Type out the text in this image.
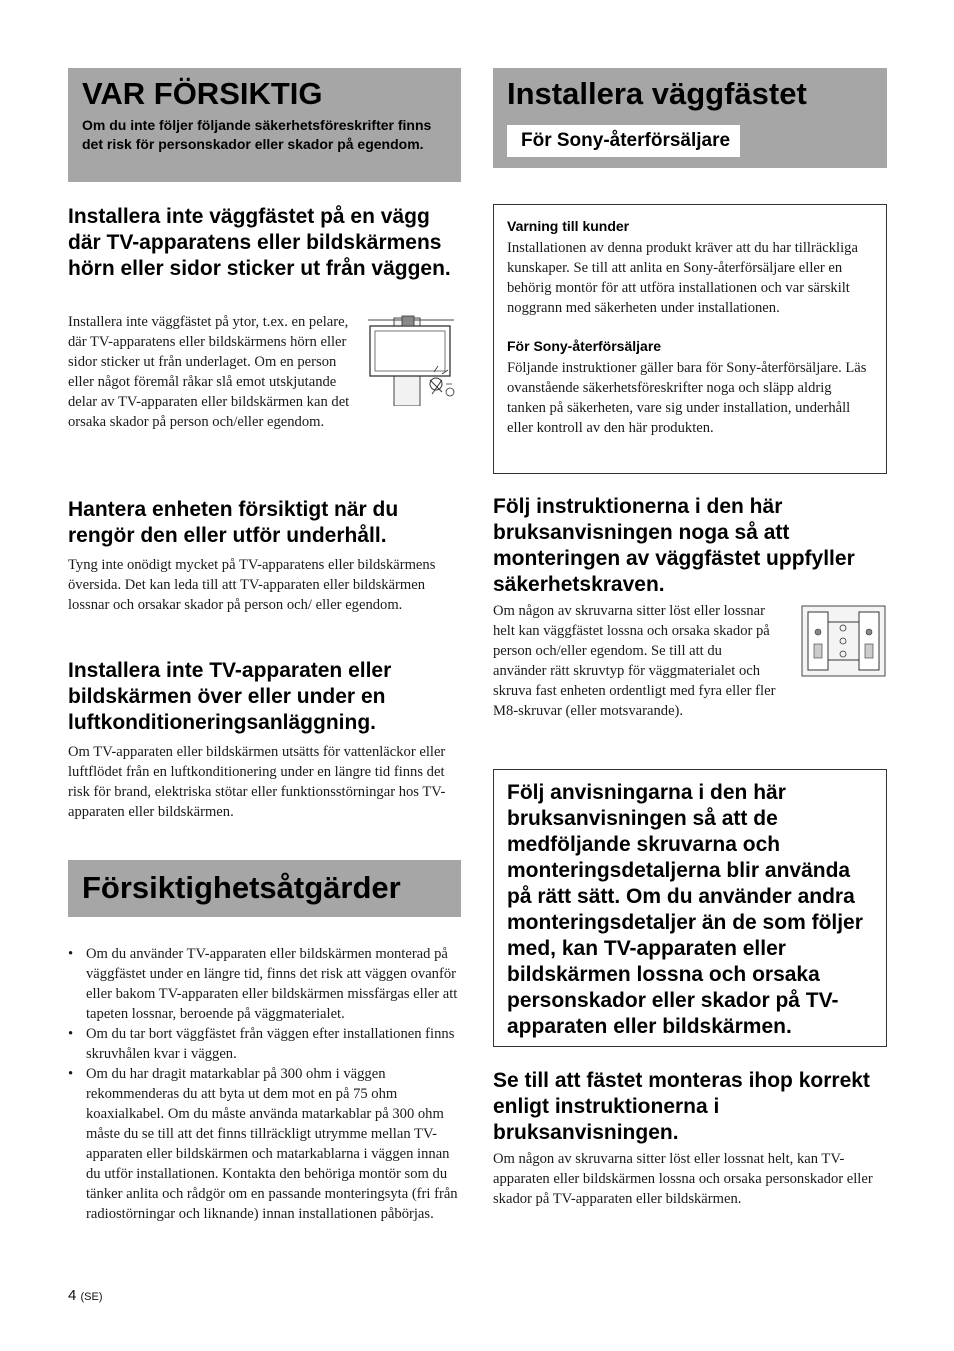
VAR FÖRSIKTIG
Om du inte följer följande säkerhetsföreskrifter finns det risk för personskador eller skador på egendom.
Installera inte väggfästet på en vägg där TV-apparatens eller bildskärmens hörn eller sidor sticker ut från väggen.

Installera inte väggfästet på ytor, t.ex. en pelare, där TV-apparatens eller bildskärmens hörn eller sidor sticker ut från underlaget. Om en person eller något föremål råkar slå emot utskjutande delar av TV-apparaten eller bildskärmen kan det orsaka skador på person och/eller egendom.

Hantera enheten försiktigt när du rengör den eller utför underhåll.

Tyng inte onödigt mycket på TV-apparatens eller bildskärmens översida. Det kan leda till att TV-apparaten eller bildskärmen lossnar och orsakar skador på person och/ eller egendom.

Installera inte TV-apparaten eller bildskärmen över eller under en luftkonditioneringsanläggning.

Om TV-apparaten eller bildskärmen utsätts för vattenläckor eller luftflödet från en luftkonditionering under en längre tid finns det risk för brand, elektriska stötar eller funktionsstörningar hos TV-apparaten eller bildskärmen.

Försiktighetsåtgärder
• Om du använder TV-apparaten eller bildskärmen monterad på väggfästet under en längre tid, finns det risk att väggen ovanför eller bakom TV-apparaten eller bildskärmen missfärgas eller att tapeten lossnar, beroende på väggmaterialet.
• Om du tar bort väggfästet från väggen efter installationen finns skruvhålen kvar i väggen.
• Om du har dragit matarkablar på 300 ohm i väggen rekommenderas du att byta ut dem mot en på 75 ohm koaxialkabel. Om du måste använda matarkablar på 300 ohm måste du se till att det finns tillräckligt utrymme mellan TV-apparaten eller bildskärmen och matarkablarna i väggen innan du utför installationen. Kontakta den behöriga montör som du tänker anlita och rådgör om en passande monteringsyta (fri från radiostörningar och liknande) innan installationen påbörjas.
4 (SE)
Installera väggfästet
För Sony-återförsäljare
Varning till kunder

Installationen av denna produkt kräver att du har tillräckliga kunskaper. Se till att anlita en Sony-återförsäljare eller en behörig montör för att utföra installationen och var särskilt noggrann med säkerheten under installationen.

För Sony-återförsäljare

Följande instruktioner gäller bara för Sony-återförsäljare. Läs ovanstående säkerhetsföreskrifter noga och släpp aldrig tanken på säkerheten, vare sig under installation, underhåll eller kontroll av den här produkten.

Följ instruktionerna i den här bruksanvisningen noga så att monteringen av väggfästet uppfyller säkerhetskraven.

Om någon av skruvarna sitter löst eller lossnar helt kan väggfästet lossna och orsaka skador på person och/eller egendom. Se till att du använder rätt skruvtyp för väggmaterialet och skruva fast enheten ordentligt med fyra eller fler M8-skruvar (eller motsvarande).

Följ anvisningarna i den här bruksanvisningen så att de medföljande skruvarna och monteringsdetaljerna blir använda på rätt sätt. Om du använder andra monteringsdetaljer än de som följer med, kan TV-apparaten eller bildskärmen lossna och orsaka personskador eller skador på TV-apparaten eller bildskärmen.
Se till att fästet monteras ihop korrekt enligt instruktionerna i bruksanvisningen.

Om någon av skruvarna sitter löst eller lossnat helt, kan TV-apparaten eller bildskärmen lossna och orsaka personskador eller skador på TV-apparaten eller bildskärmen.
